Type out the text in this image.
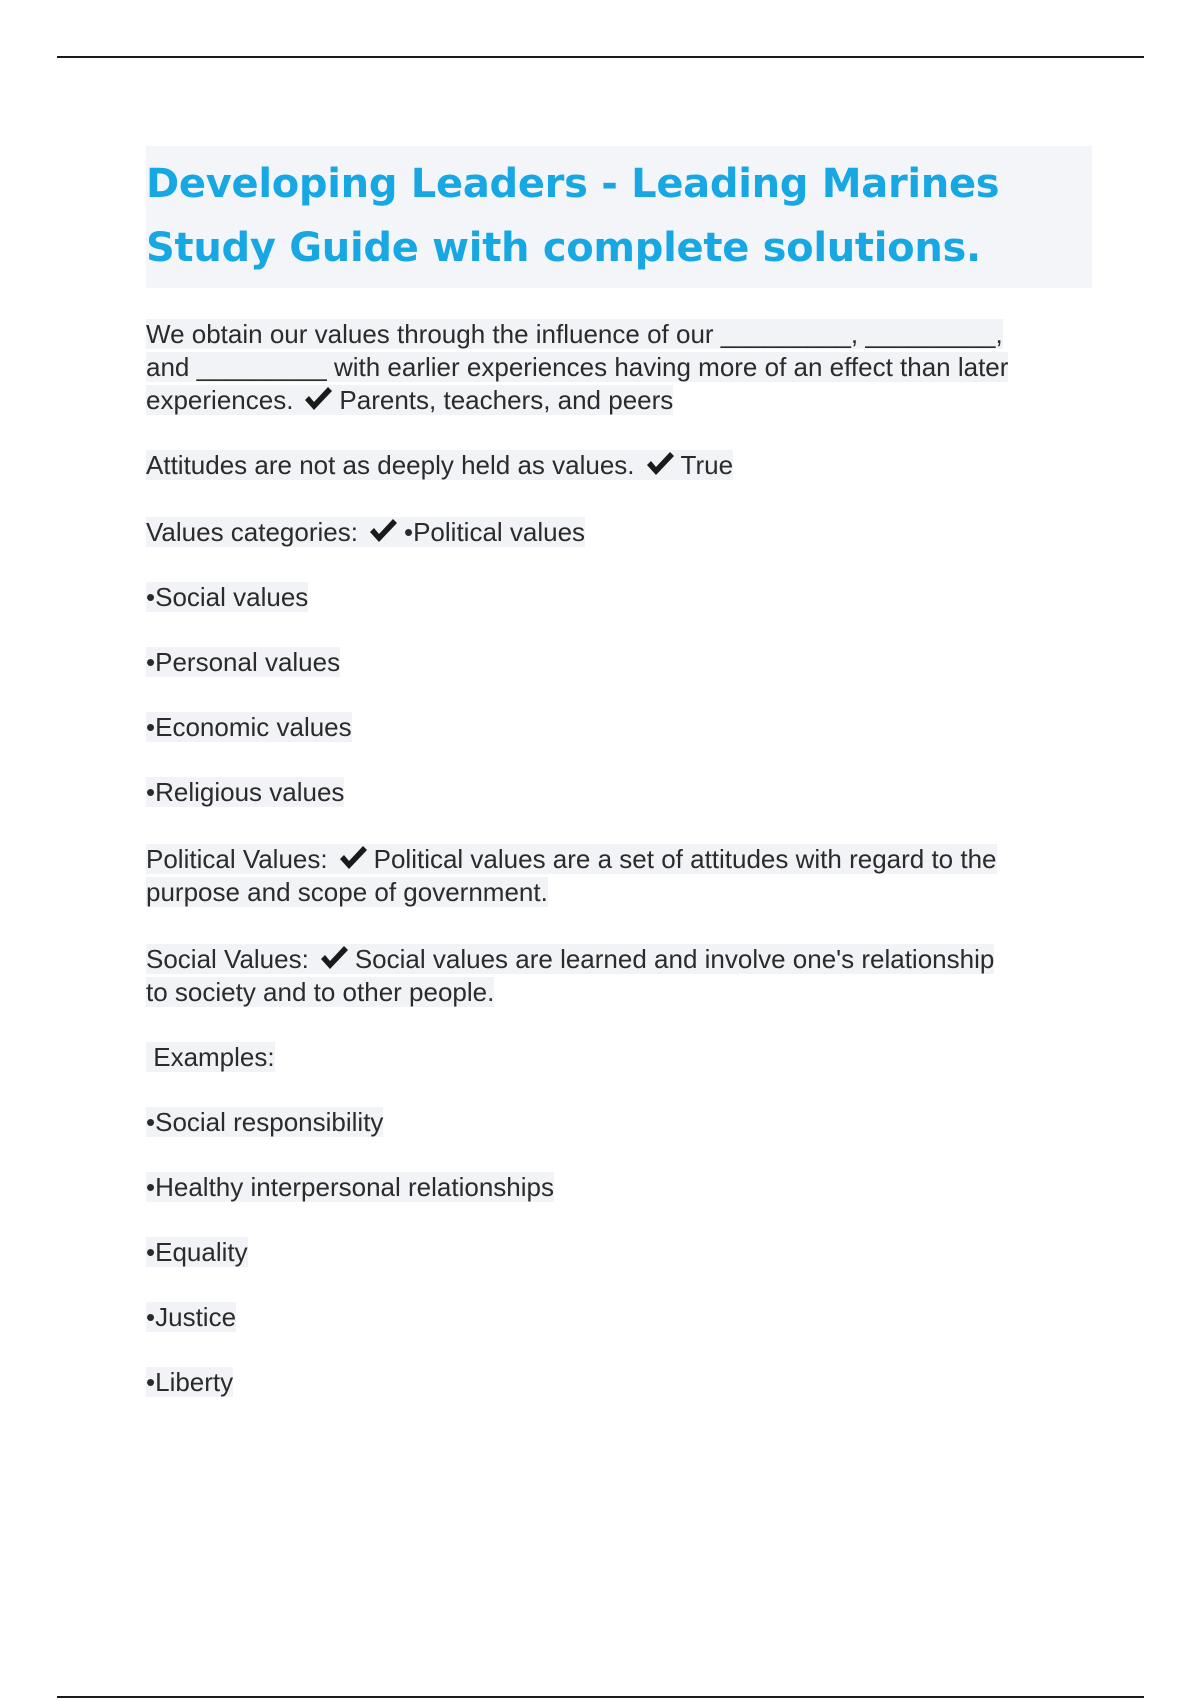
Developing Leaders - Leading Marines
Study Guide with complete solutions.

We obtain our values through the influence of our _________, _________,
and _________ with earlier experiences having more of an effect than later
experiences. Parents, teachers, and peers

Attitudes are not as deeply held as values. True

Values categories: •Political values

•Social values

•Personal values

•Economic values

•Religious values

Political Values: Political values are a set of attitudes with regard to the
purpose and scope of government.

Social Values: Social values are learned and involve one's relationship
to society and to other people.

Examples:

•Social responsibility

•Healthy interpersonal relationships

•Equality

•Justice

•Liberty
